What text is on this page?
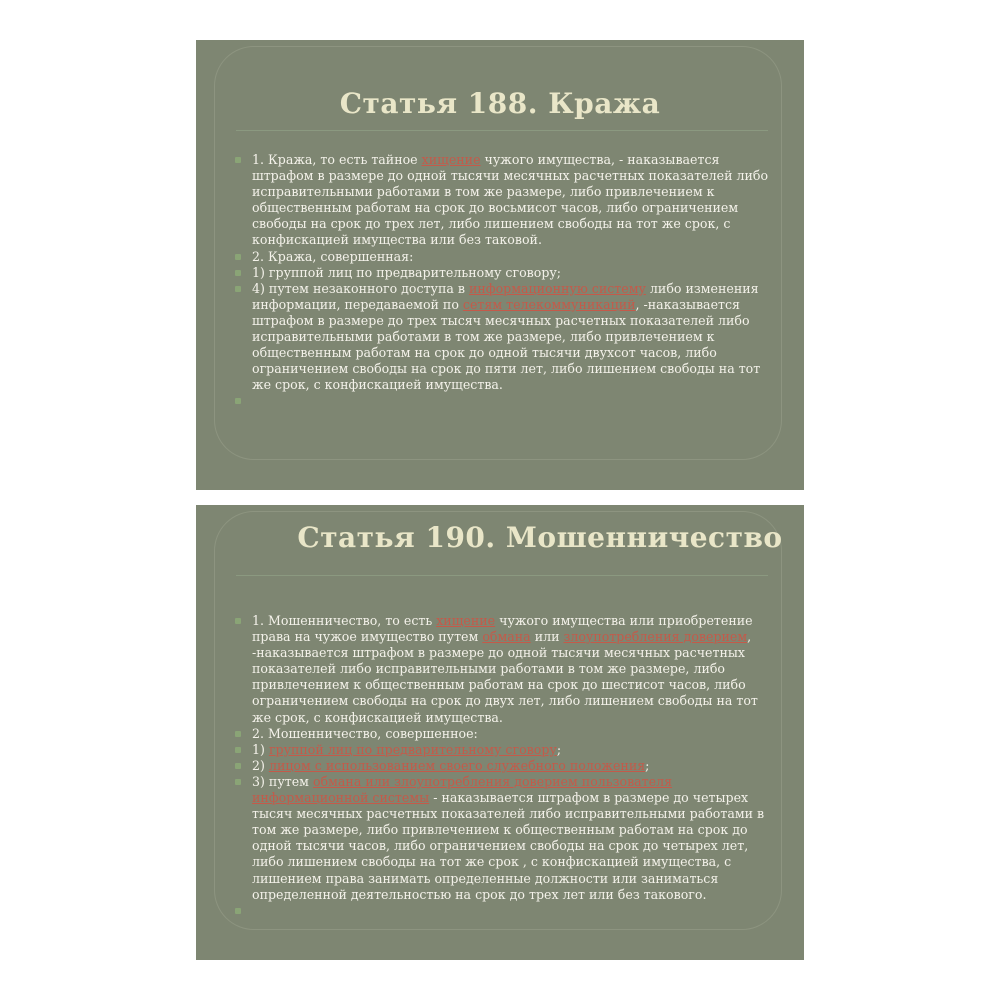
Статья 188. Кража
1. Кража, то есть тайное хищение чужого имущества, - наказывается штрафом в размере до одной тысячи месячных расчетных показателей либо исправительными работами в том же размере, либо привлечением к общественным работам на срок до восьмисот часов, либо ограничением свободы на срок до трех лет, либо лишением свободы на тот же срок, с конфискацией имущества или без таковой.
2. Кража, совершенная:
1) группой лиц по предварительному сговору;
4) путем незаконного доступа в информационную систему либо изменения информации, передаваемой по сетям телекоммуникаций, -наказывается штрафом в размере до трех тысяч месячных расчетных показателей либо исправительными работами в том же размере, либо привлечением к общественным работам на срок до одной тысячи двухсот часов, либо ограничением свободы на срок до пяти лет, либо лишением свободы на тот же срок, с конфискацией имущества.

Статья 190. Мошенничество
1. Мошенничество, то есть хищение чужого имущества или приобретение права на чужое имущество путем обмана или злоупотребления доверием, -наказывается штрафом в размере до одной тысячи месячных расчетных показателей либо исправительными работами в том же размере, либо привлечением к общественным работам на срок до шестисот часов, либо ограничением свободы на срок до двух лет, либо лишением свободы на тот же срок, с конфискацией имущества.
2. Мошенничество, совершенное:
1) группой лиц по предварительному сговору;
2) лицом с использованием своего служебного положения;
3) путем обмана или злоупотребления доверием пользователя информационной системы - наказывается штрафом в размере до четырех тысяч месячных расчетных показателей либо исправительными работами в том же размере, либо привлечением к общественным работам на срок до одной тысячи часов, либо ограничением свободы на срок до четырех лет, либо лишением свободы на тот же срок , с конфискацией имущества, с лишением права занимать определенные должности или заниматься определенной деятельностью на срок до трех лет или без такового.
